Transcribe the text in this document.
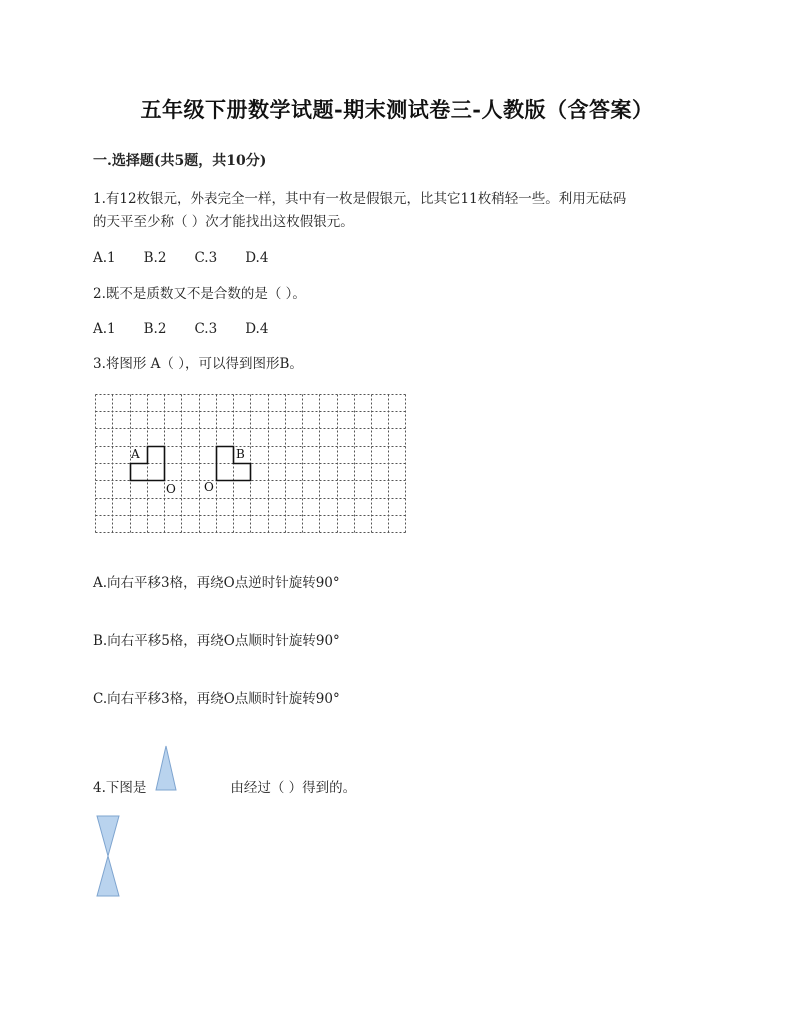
五年级下册数学试题-期末测试卷三-人教版（含答案）
一.选择题(共5题，共10分)
1.有12枚银元，外表完全一样，其中有一枚是假银元，比其它11枚稍轻一些。利用无砝码
的天平至少称（ ）次才能找出这枚假银元。
A.1 B.2 C.3 D.4
2.既不是质数又不是合数的是（ ）。
A.1 B.2 C.3 D.4
3.将图形 A（ ），可以得到图形B。
A	B
O O
A.向右平移3格，再绕O点逆时针旋转90°
B.向右平移5格，再绕O点顺时针旋转90°
C.向右平移3格，再绕O点顺时针旋转90°
4.下图是	由经过（ ）得到的。
